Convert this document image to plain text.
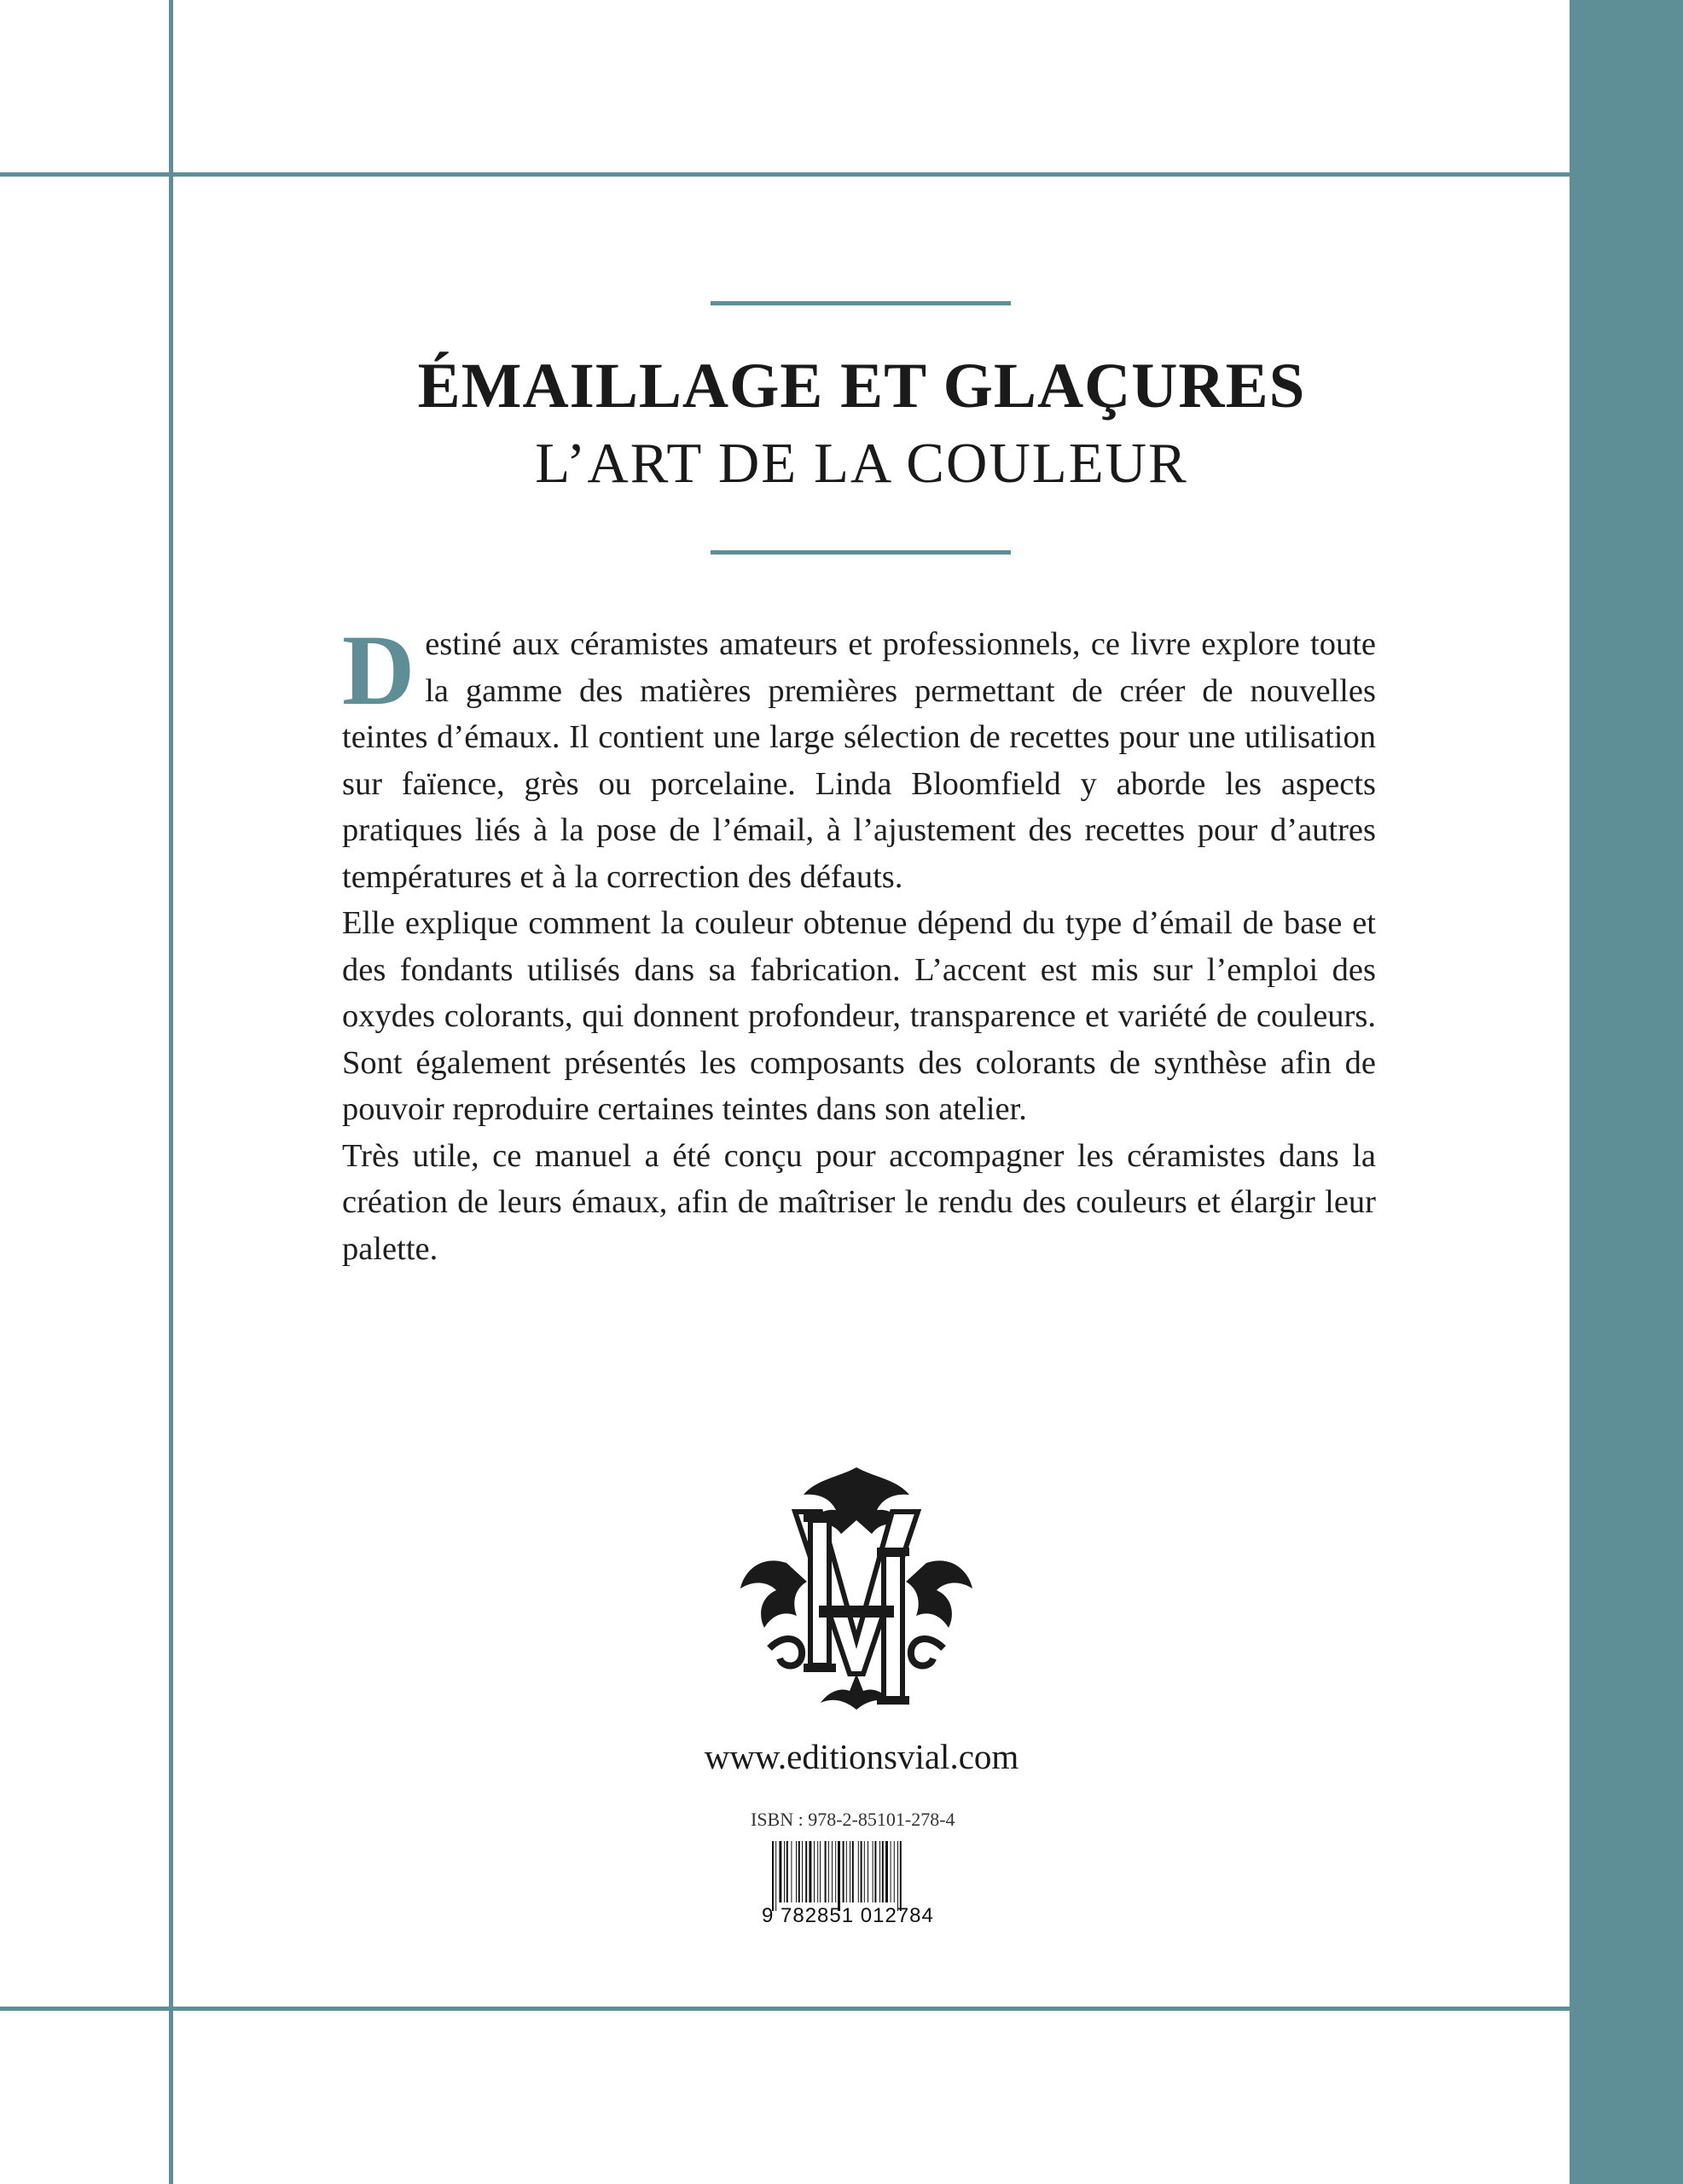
ÉMAILLAGE ET GLAÇURES
L’ART DE LA COULEUR

Destiné aux céramistes amateurs et professionnels, ce livre explore toute la gamme des matières premières permettant de créer de nouvelles teintes d’émaux. Il contient une large sélection de recettes pour une utilisation sur faïence, grès ou porcelaine. Linda Bloomfield y aborde les aspects pratiques liés à la pose de l’émail, à l’ajustement des recettes pour d’autres températures et à la correction des défauts.

Elle explique comment la couleur obtenue dépend du type d’émail de base et des fondants utilisés dans sa fabrication. L’accent est mis sur l’emploi des oxydes colorants, qui donnent profondeur, transparence et variété de couleurs. Sont également présentés les composants des colorants de synthèse afin de pouvoir reproduire certaines teintes dans son atelier.

Très utile, ce manuel a été conçu pour accompagner les céramistes dans la création de leurs émaux, afin de maîtriser le rendu des couleurs et élargir leur palette.

www.editionsvial.com
ISBN : 978-2-85101-278-4
9 782851 012784
